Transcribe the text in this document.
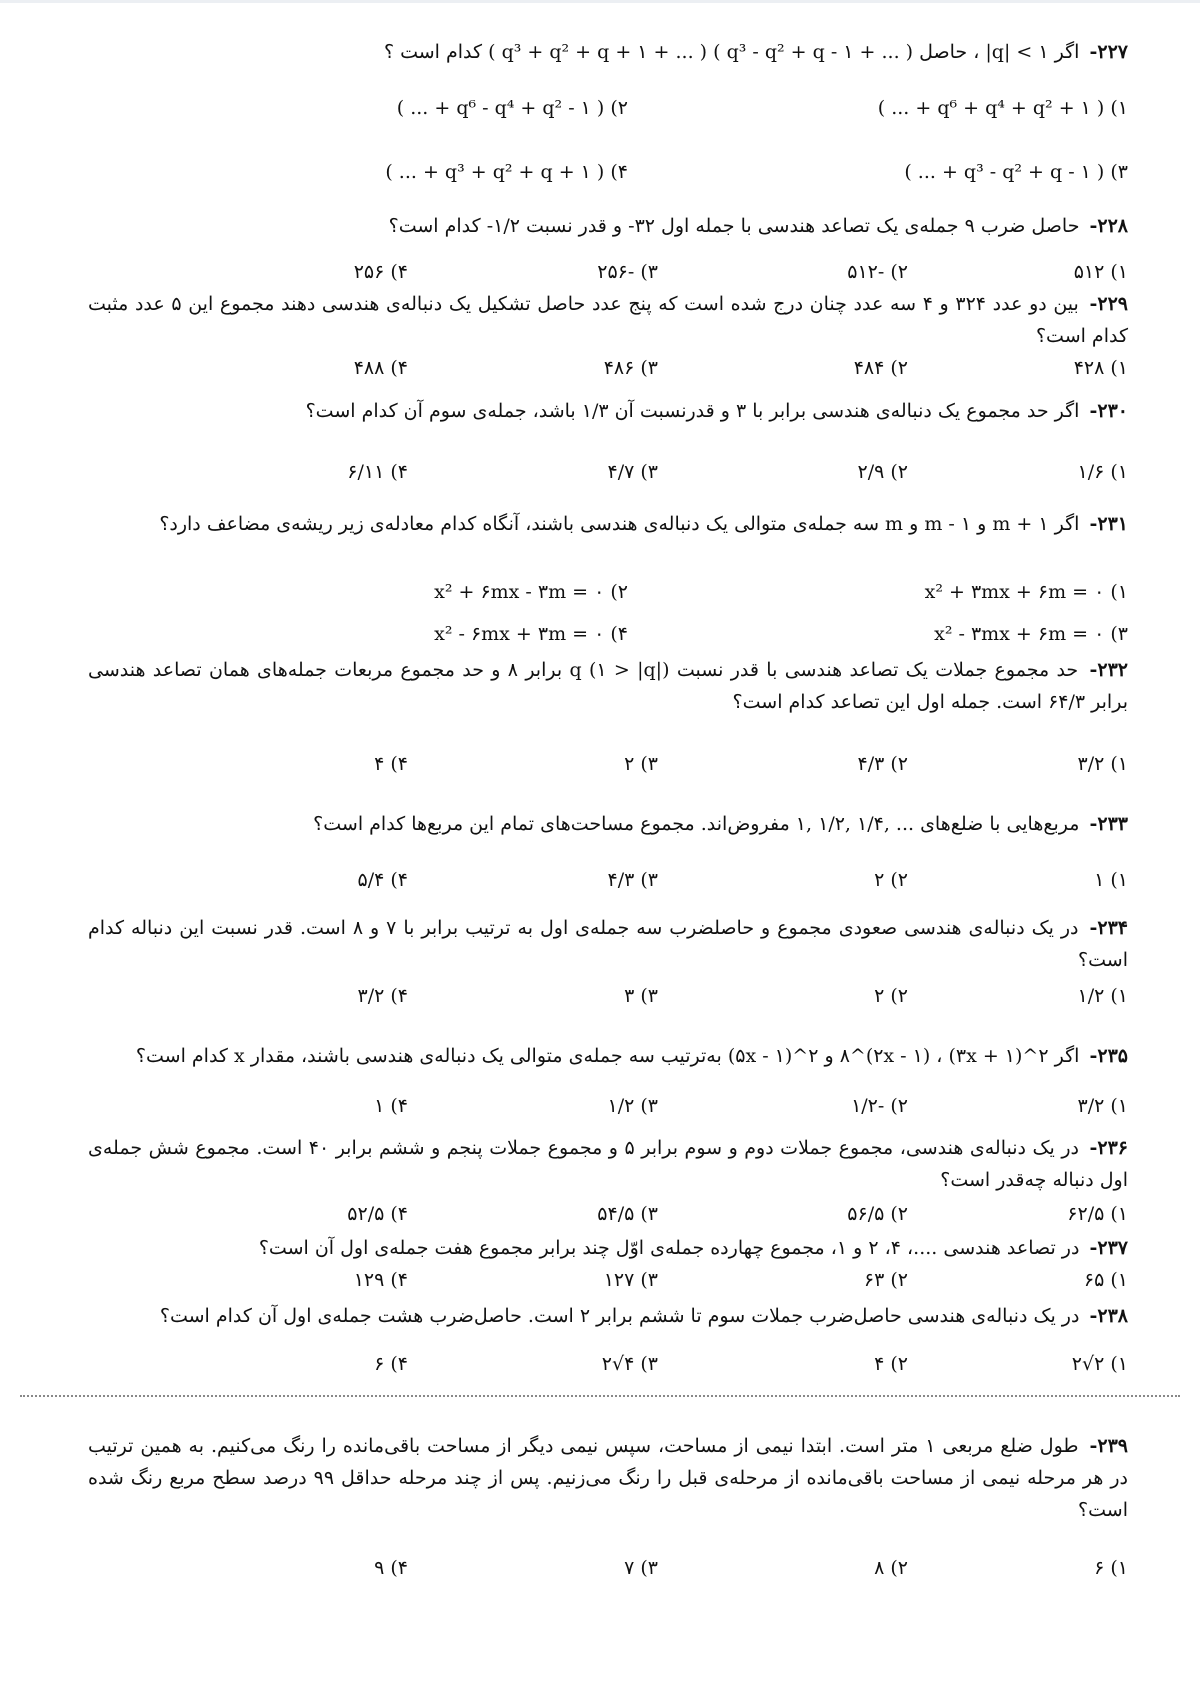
۲۲۷- اگر ۱ > |q| ، حاصل ( ... + q³ - q² + q - ۱ ) ( ... + q³ + q² + q + ۱ ) کدام است ؟
۱) ( ... + q⁶ + q⁴ + q² + ۱ )
۲) ( ... + q⁶ - q⁴ + q² - ۱ )
۳) ( ... + q³ - q² + q - ۱ )
۴) ( ... + q³ + q² + q + ۱ )
۲۲۸- حاصل ضرب ۹ جمله‌ی یک تصاعد هندسی با جمله اول ۳۲- و قدر نسبت ۱/۲- کدام است؟
۱) ۵۱۲
۲) -۵۱۲
۳) -۲۵۶
۴) ۲۵۶
۲۲۹- بین دو عدد ۳۲۴ و ۴ سه عدد چنان درج شده است که پنج عدد حاصل تشکیل یک دنباله‌ی هندسی دهند مجموع این ۵ عدد مثبت کدام است؟
۱) ۴۲۸
۲) ۴۸۴
۳) ۴۸۶
۴) ۴۸۸
۲۳۰- اگر حد مجموع یک دنباله‌ی هندسی برابر با ۳ و قدرنسبت آن ۱/۳ باشد، جمله‌ی سوم آن کدام است؟
۱) ۱/۶
۲) ۲/۹
۳) ۴/۷
۴) ۶/۱۱
۲۳۱- اگر m + ۱ و m - ۱ و m سه جمله‌ی متوالی یک دنباله‌ی هندسی باشند، آنگاه کدام معادله‌ی زیر ریشه‌ی مضاعف دارد؟
۱) x² + ۳mx + ۶m = ۰
۲) x² + ۶mx - ۳m = ۰
۳) x² - ۳mx + ۶m = ۰
۴) x² - ۶mx + ۳m = ۰
۲۳۲- حد مجموع جملات یک تصاعد هندسی با قدر نسبت q (۱ > |q|) برابر ۸ و حد مجموع مربعات جمله‌های همان تصاعد هندسی برابر ۶۴/۳ است. جمله اول این تصاعد کدام است؟
۱) ۳/۲
۲) ۴/۳
۳) ۲
۴) ۴
۲۳۳- مربع‌هایی با ضلع‌های ... ,۱/۴ ,۱/۲ ,۱ مفروض‌اند. مجموع مساحت‌های تمام این مربع‌ها کدام است؟
۱) ۱
۲) ۲
۳) ۴/۳
۴) ۵/۴
۲۳۴- در یک دنباله‌ی هندسی صعودی مجموع و حاصلضرب سه جمله‌ی اول به ترتیب برابر با ۷ و ۸ است. قدر نسبت این دنباله کدام است؟
۱) ۱/۲
۲) ۲
۳) ۳
۴) ۳/۲
۲۳۵- اگر ۲^(۳x + ۱) ، ۸^(۲x - ۱) و ۲^(۵x - ۱) به‌ترتیب سه جمله‌ی متوالی یک دنباله‌ی هندسی باشند، مقدار x کدام است؟
۱) ۳/۲
۲) -۱/۲
۳) ۱/۲
۴) ۱
۲۳۶- در یک دنباله‌ی هندسی، مجموع جملات دوم و سوم برابر ۵ و مجموع جملات پنجم و ششم برابر ۴۰ است. مجموع شش جمله‌ی اول دنباله چه‌قدر است؟
۱) ۶۲/۵
۲) ۵۶/۵
۳) ۵۴/۵
۴) ۵۲/۵
۲۳۷- در تصاعد هندسی ....، ۴، ۲ و ۱، مجموع چهارده جمله‌ی اوّل چند برابر مجموع هفت جمله‌ی اول آن است؟
۱) ۶۵
۲) ۶۳
۳) ۱۲۷
۴) ۱۲۹
۲۳۸- در یک دنباله‌ی هندسی حاصل‌ضرب جملات سوم تا ششم برابر ۲ است. حاصل‌ضرب هشت جمله‌ی اول آن کدام است؟
۱) ۲√۲
۲) ۴
۳) ۴√۲
۴) ۶
۲۳۹- طول ضلع مربعی ۱ متر است. ابتدا نیمی از مساحت، سپس نیمی دیگر از مساحت باقی‌مانده را رنگ می‌کنیم. به همین ترتیب در هر مرحله نیمی از مساحت باقی‌مانده از مرحله‌ی قبل را رنگ می‌زنیم. پس از چند مرحله حداقل ۹۹ درصد سطح مربع رنگ شده است؟
۱) ۶
۲) ۸
۳) ۷
۴) ۹
